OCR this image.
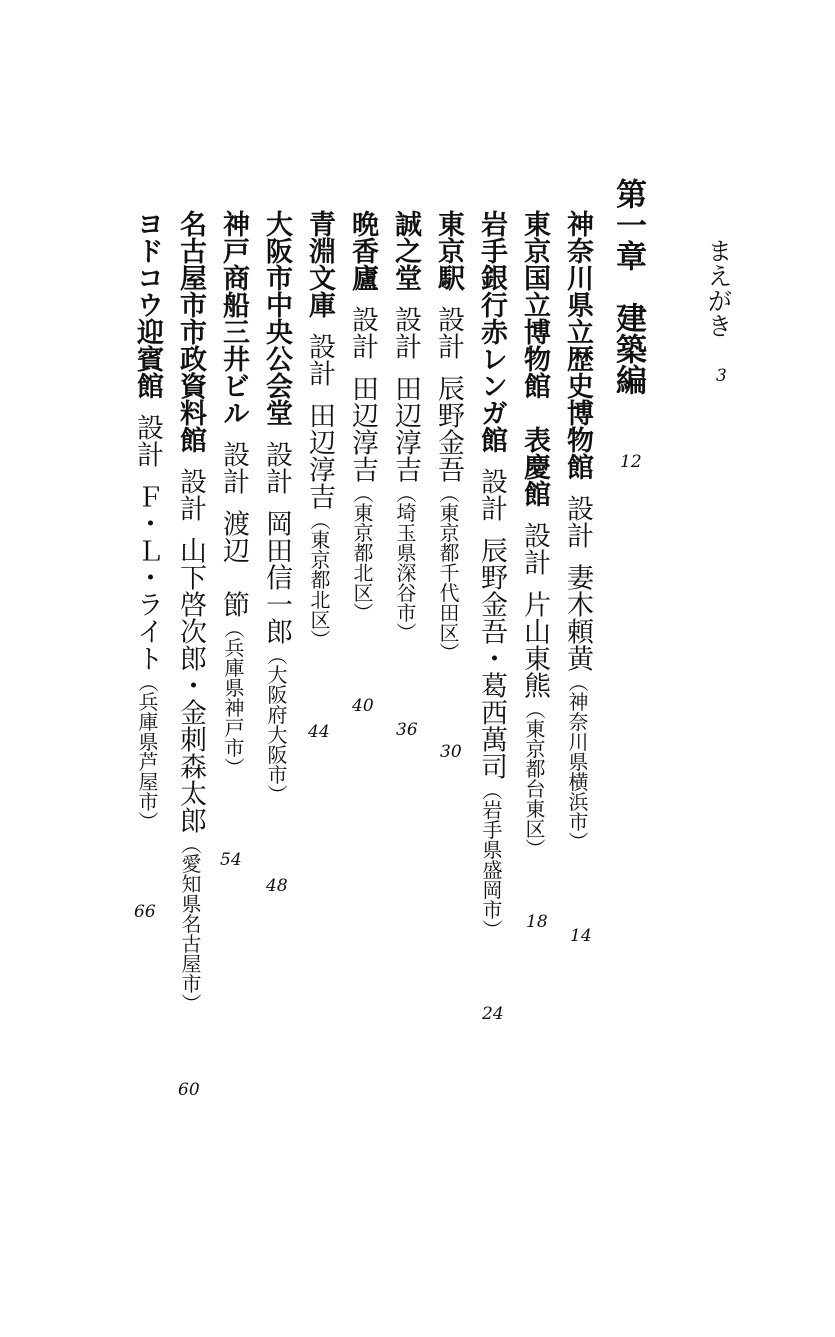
まえがき
3
第一章建築編
12
神奈川県立歴史博物館設計妻木頼黄（神奈川県横浜市）
14
東京国立博物館　表慶館設計片山東熊（東京都台東区）
18
岩手銀行赤レンガ館設計辰野金吾・葛西萬司（岩手県盛岡市）
24
東京駅設計辰野金吾（東京都千代田区）
30
誠之堂設計田辺淳吉（埼玉県深谷市）
36
晩香廬設計田辺淳吉（東京都北区）
40
青淵文庫設計田辺淳吉（東京都北区）
44
大阪市中央公会堂設計岡田信一郎（大阪府大阪市）
48
神戸商船三井ビル設計渡辺　節（兵庫県神戸市）
54
名古屋市市政資料館設計山下啓次郎・金刺森太郎（愛知県名古屋市）
60
ヨドコウ迎賓館設計Ｆ・Ｌ・ライト（兵庫県芦屋市）
66
